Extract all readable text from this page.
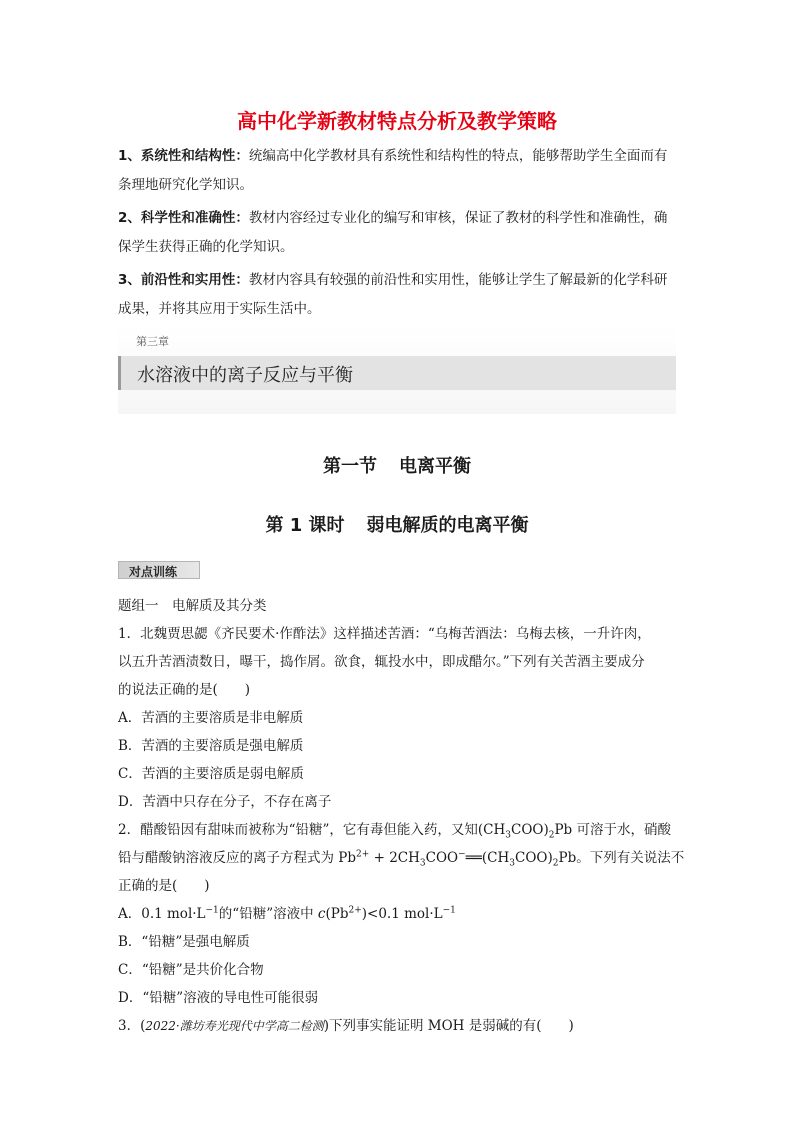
高中化学新教材特点分析及教学策略

1、系统性和结构性：统编高中化学教材具有系统性和结构性的特点，能够帮助学生全面而有条理地研究化学知识。

2、科学性和准确性：教材内容经过专业化的编写和审核，保证了教材的科学性和准确性，确保学生获得正确的化学知识。

3、前沿性和实用性：教材内容具有较强的前沿性和实用性，能够让学生了解最新的化学科研成果，并将其应用于实际生活中。

第三章
水溶液中的离子反应与平衡
第一节 电离平衡
第 1 课时 弱电解质的电离平衡
对点训练
题组一　电解质及其分类
1．北魏贾思勰《齐民要术·作酢法》这样描述苦酒：“乌梅苦酒法：乌梅去核，一升许肉，
以五升苦酒渍数日，曝干，捣作屑。欲食，辄投水中，即成醋尔。”下列有关苦酒主要成分
的说法正确的是(　　)
A．苦酒的主要溶质是非电解质
B．苦酒的主要溶质是强电解质
C．苦酒的主要溶质是弱电解质
D．苦酒中只存在分子，不存在离子
2．醋酸铅因有甜味而被称为“铅糖”，它有毒但能入药，又知$(CH_3COO)_2Pb$ 可溶于水，硝酸
铅与醋酸钠溶液反应的离子方程式为 $Pb^{2+}$ + $2CH_3COO^-══(CH_3COO)_2Pb$。下列有关说法不
正确的是(　　)
A．0.1 $mol\cdot L^{-1}$的“铅糖”溶液中 $c(Pb^{2+})<0.1$ $mol\cdot L^{-1}$
B．“铅糖”是强电解质
C．“铅糖”是共价化合物
D．“铅糖”溶液的导电性可能很弱
3．(2022·潍坊寿光现代中学高二检测)下列事实能证明 MOH 是弱碱的有(　　)
